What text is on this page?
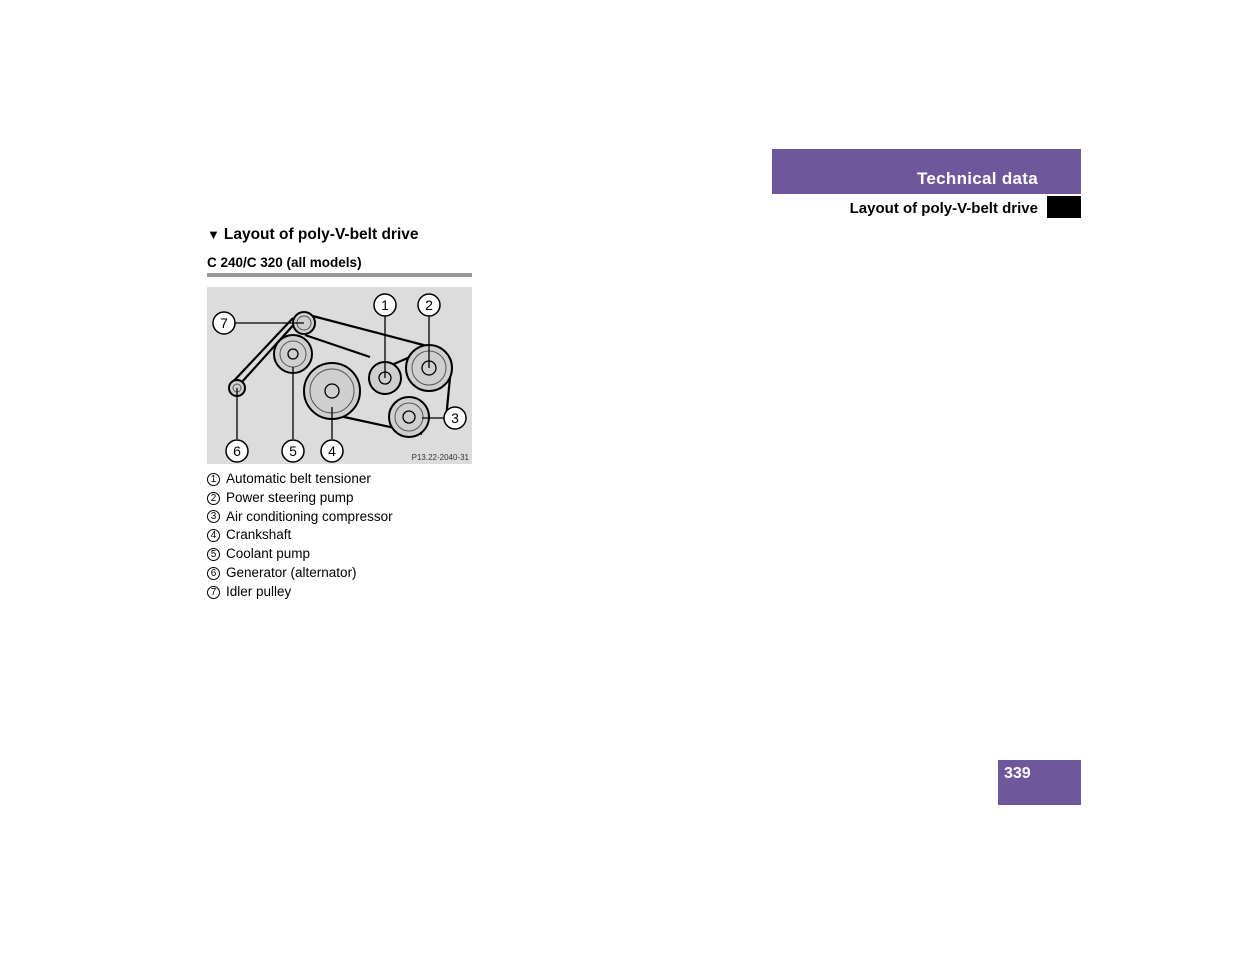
Technical data
Layout of poly-V-belt drive
▼ Layout of poly-V-belt drive
C 240/C 320 (all models)
1	2
3
4
5
6
7
P13.22-2040-31
1 Automatic belt tensioner
2 Power steering pump
3 Air conditioning compressor
4 Crankshaft
5 Coolant pump
6 Generator (alternator)
7 Idler pulley
339
